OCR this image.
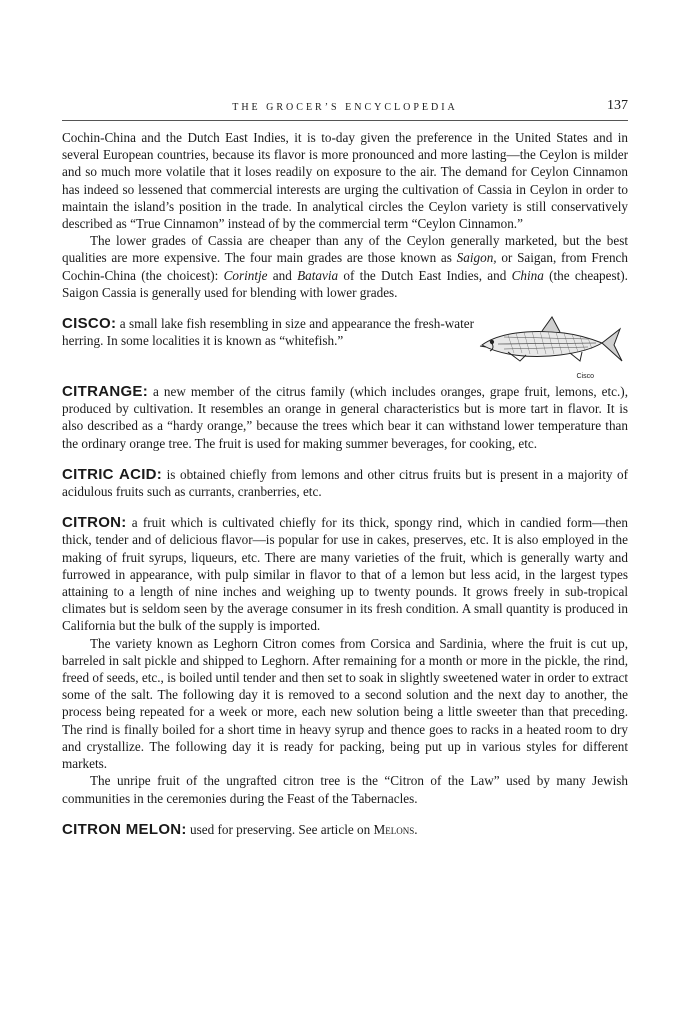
THE GROCER’S ENCYCLOPEDIA	137

Cochin-China and the Dutch East Indies, it is to-day given the preference in the United States and in several European countries, because its flavor is more pronounced and more lasting—the Ceylon is milder and so much more volatile that it loses readily on exposure to the air. The demand for Ceylon Cinnamon has indeed so lessened that commercial interests are urging the cultivation of Cassia in Ceylon in order to maintain the island’s position in the trade. In analytical circles the Ceylon variety is still conservatively described as “True Cinnamon” instead of by the commercial term “Ceylon Cinnamon.”

The lower grades of Cassia are cheaper than any of the Ceylon generally marketed, but the best qualities are more expensive. The four main grades are those known as Saigon, or Saigan, from French Cochin-China (the choicest): Corintje and Batavia of the Dutch East Indies, and China (the cheapest). Saigon Cassia is generally used for blending with lower grades.

CISCO: a small lake fish resembling in size and appearance the fresh-water herring. In some localities it is known as “whitefish.”

Cisco

CITRANGE: a new member of the citrus family (which includes oranges, grape fruit, lemons, etc.), produced by cultivation. It resembles an orange in general characteristics but is more tart in flavor. It is also described as a “hardy orange,” because the trees which bear it can withstand lower temperature than the ordinary orange tree. The fruit is used for making summer beverages, for cooking, etc.

CITRIC ACID: is obtained chiefly from lemons and other citrus fruits but is present in a majority of acidulous fruits such as currants, cranberries, etc.

CITRON: a fruit which is cultivated chiefly for its thick, spongy rind, which in candied form—then thick, tender and of delicious flavor—is popular for use in cakes, preserves, etc. It is also employed in the making of fruit syrups, liqueurs, etc. There are many varieties of the fruit, which is generally warty and furrowed in appearance, with pulp similar in flavor to that of a lemon but less acid, in the largest types attaining to a length of nine inches and weighing up to twenty pounds. It grows freely in sub-tropical climates but is seldom seen by the average consumer in its fresh condition. A small quantity is produced in California but the bulk of the supply is imported.

The variety known as Leghorn Citron comes from Corsica and Sardinia, where the fruit is cut up, barreled in salt pickle and shipped to Leghorn. After remaining for a month or more in the pickle, the rind, freed of seeds, etc., is boiled until tender and then set to soak in slightly sweetened water in order to extract some of the salt. The following day it is removed to a second solution and the next day to another, the process being repeated for a week or more, each new solution being a little sweeter than that preceding. The rind is finally boiled for a short time in heavy syrup and thence goes to racks in a heated room to dry and crystallize. The following day it is ready for packing, being put up in various styles for different markets.

The unripe fruit of the ungrafted citron tree is the “Citron of the Law” used by many Jewish communities in the ceremonies during the Feast of the Tabernacles.

CITRON MELON: used for preserving. See article on Melons.
